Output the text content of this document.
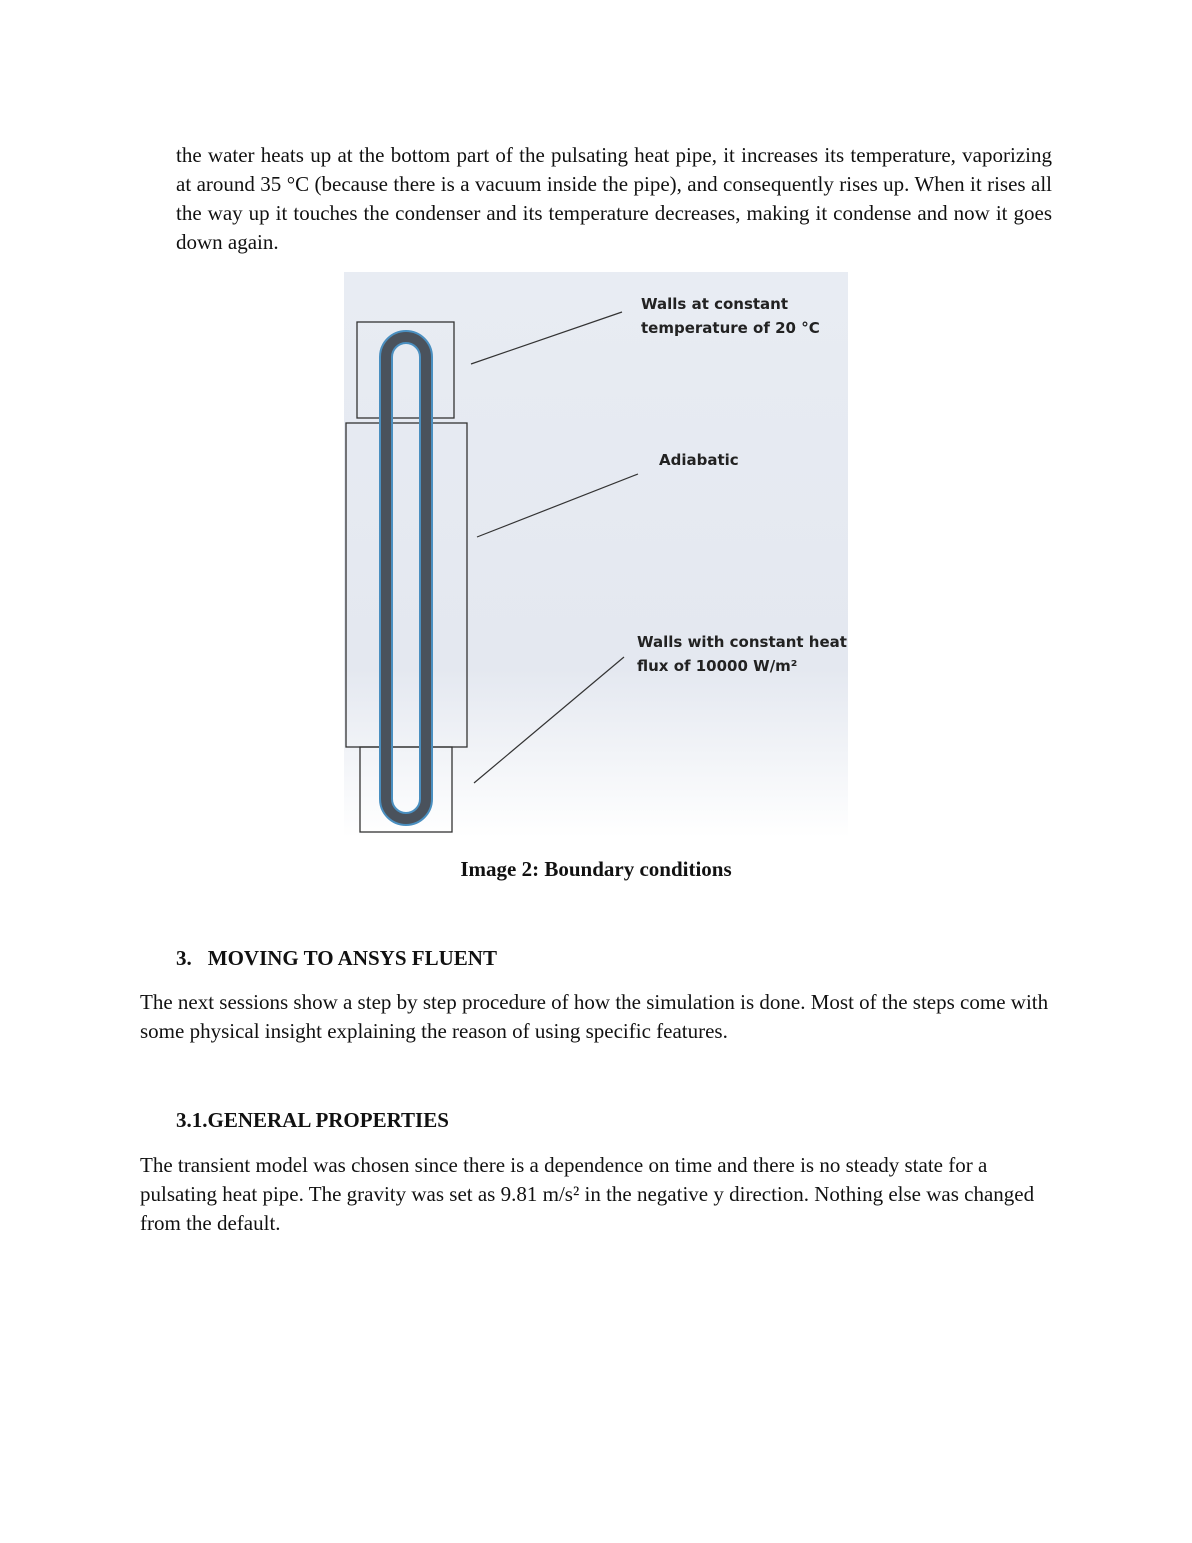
the water heats up at the bottom part of the pulsating heat pipe, it increases its temperature, vaporizing at around 35 °C (because there is a vacuum inside the pipe), and consequently rises up. When it rises all the way up it touches the condenser and its temperature decreases, making it condense and now it goes down again.

Walls at constant
temperature of 20 °C
Adiabatic
Walls with constant heat
flux of 10000 W/m²
Image 2: Boundary conditions
3. MOVING TO ANSYS FLUENT

The next sessions show a step by step procedure of how the simulation is done. Most of the steps come with some physical insight explaining the reason of using specific features.

3.1.GENERAL PROPERTIES

The transient model was chosen since there is a dependence on time and there is no steady state for a pulsating heat pipe. The gravity was set as 9.81 m/s² in the negative y direction. Nothing else was changed from the default.
